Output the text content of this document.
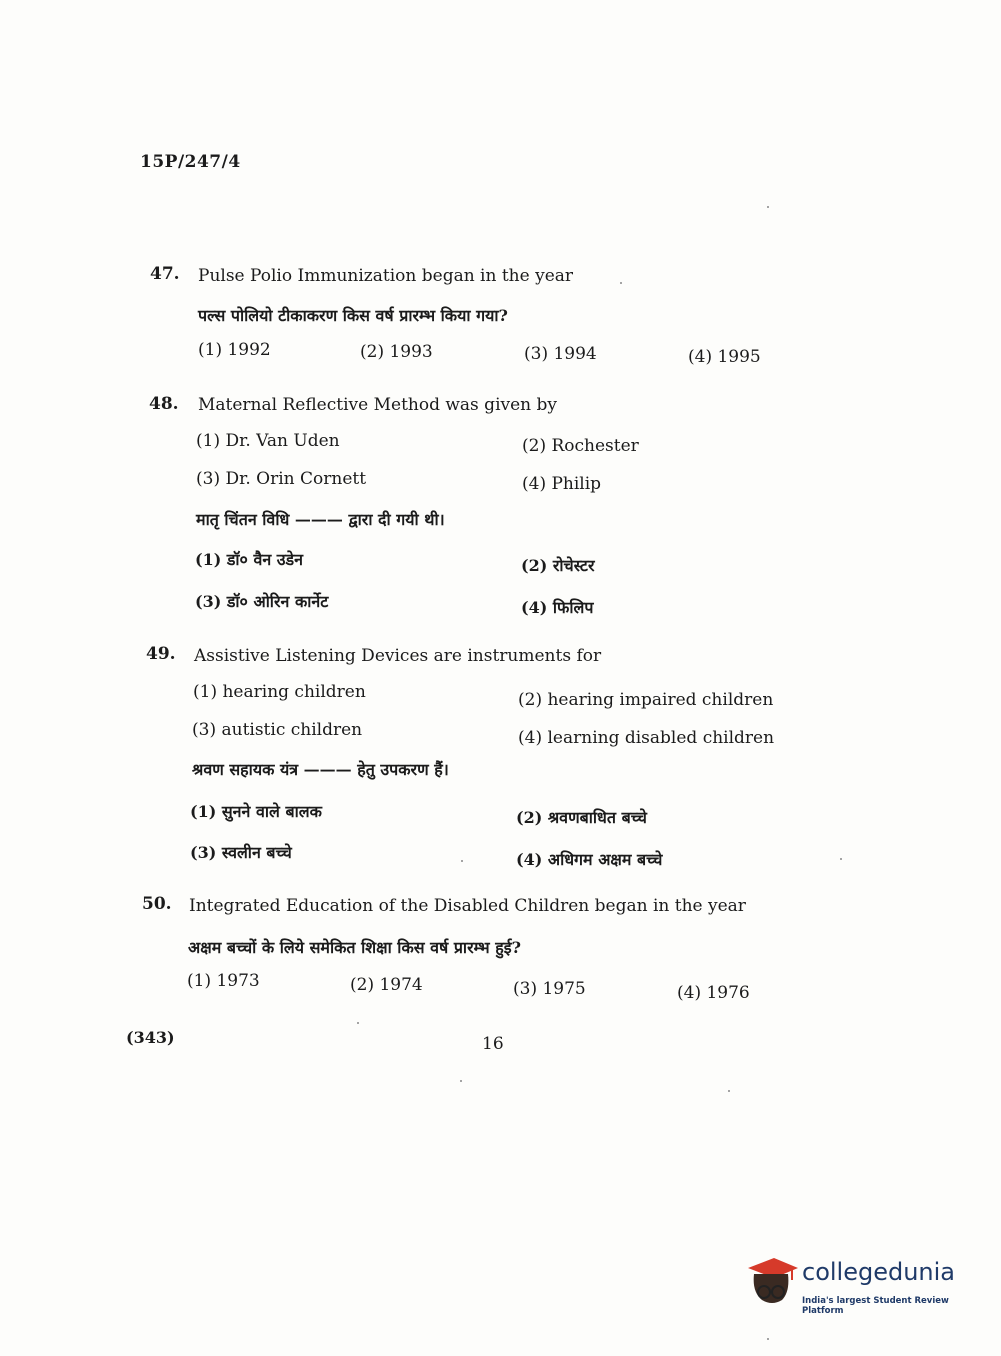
15P/247/4
47. Pulse Polio Immunization began in the year
पल्स पोलियो टीकाकरण किस वर्ष प्रारम्भ किया गया?
(1) 1992	(2) 1993	(3) 1994	(4) 1995
48. Maternal Reflective Method was given by
(1) Dr. Van Uden	(2) Rochester
(3) Dr. Orin Cornett	(4) Philip
मातृ चिंतन विधि ——— द्वारा दी गयी थी।
(1) डॉ० वैन उडेन	(2) रोचेस्टर
(3) डॉ० ओरिन कार्नेट	(4) फिलिप
49. Assistive Listening Devices are instruments for
(1) hearing children	(2) hearing impaired children
(3) autistic children	(4) learning disabled children
श्रवण सहायक यंत्र ——— हेतु उपकरण हैं।
(1) सुनने वाले बालक	(2) श्रवणबाधित बच्चे
(3) स्वलीन बच्चे	(4) अधिगम अक्षम बच्चे
50. Integrated Education of the Disabled Children began in the year
अक्षम बच्चों के लिये समेकित शिक्षा किस वर्ष प्रारम्भ हुई?
(1) 1973	(2) 1974	(3) 1975	(4) 1976
(343)	16
collegedunia
India's largest Student Review Platform
